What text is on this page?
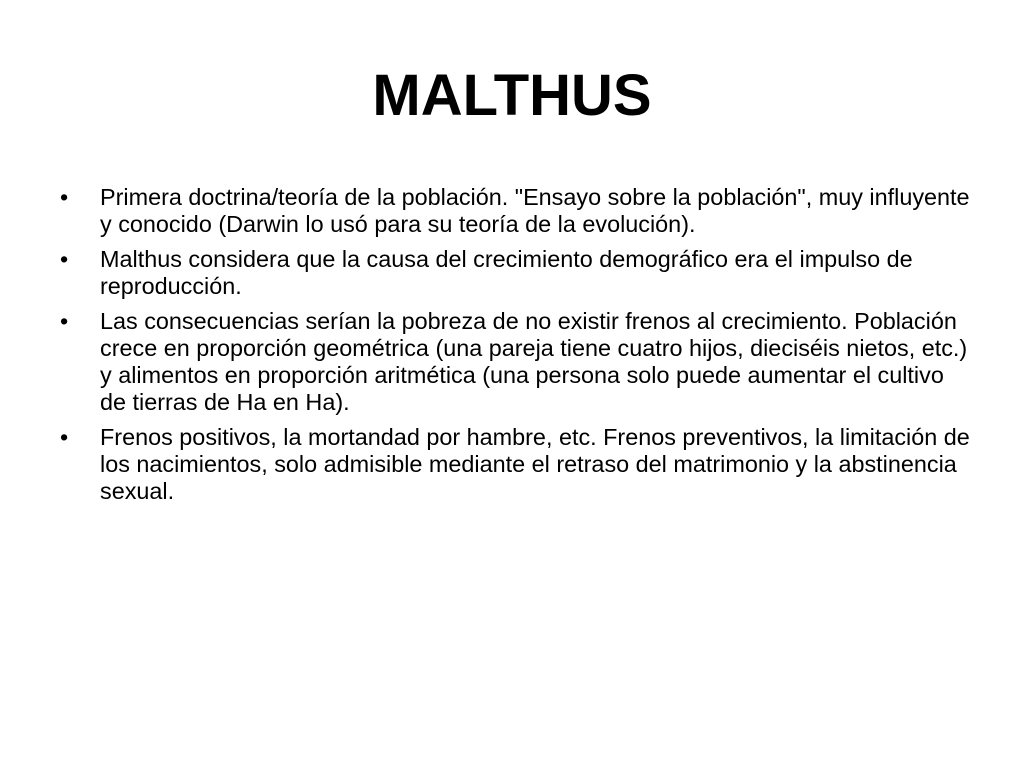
MALTHUS
•	Primera doctrina/teoría de la población. "Ensayo sobre la población", muy influyente y conocido (Darwin lo usó para su teoría de la evolución).
•	Malthus considera que la causa del crecimiento demográfico era el impulso de reproducción.
•	Las consecuencias serían la pobreza de no existir frenos al crecimiento. Población crece en proporción geométrica (una pareja tiene cuatro hijos, dieciséis nietos, etc.) y alimentos en proporción aritmética (una persona solo puede aumentar el cultivo de tierras de Ha en Ha).
•	Frenos positivos, la mortandad por hambre, etc. Frenos preventivos, la limitación de los nacimientos, solo admisible mediante el retraso del matrimonio y la abstinencia sexual.
